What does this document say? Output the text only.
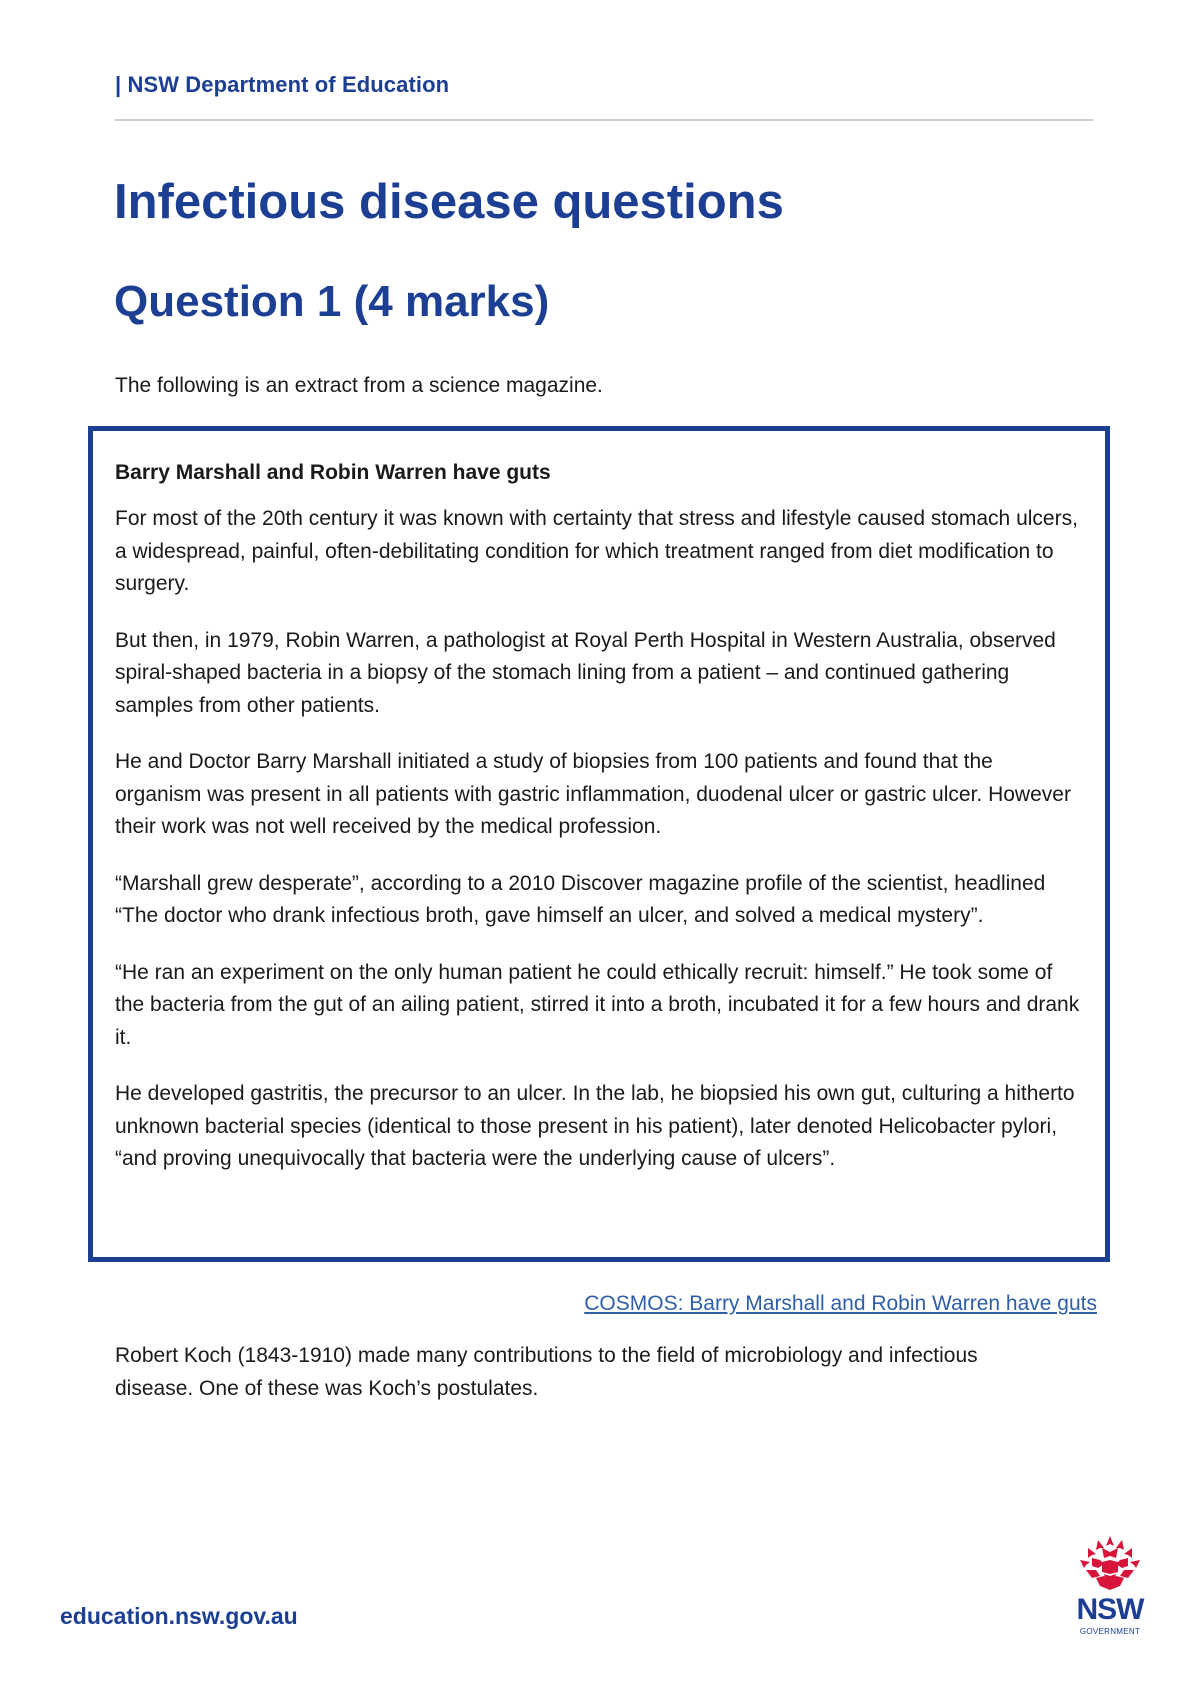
| NSW Department of Education
Infectious disease questions
Question 1 (4 marks)

The following is an extract from a science magazine.

Barry Marshall and Robin Warren have guts

For most of the 20th century it was known with certainty that stress and lifestyle caused stomach ulcers, a widespread, painful, often-debilitating condition for which treatment ranged from diet modification to surgery.

But then, in 1979, Robin Warren, a pathologist at Royal Perth Hospital in Western Australia, observed spiral-shaped bacteria in a biopsy of the stomach lining from a patient – and continued gathering samples from other patients.

He and Doctor Barry Marshall initiated a study of biopsies from 100 patients and found that the organism was present in all patients with gastric inflammation, duodenal ulcer or gastric ulcer. However their work was not well received by the medical profession.

“Marshall grew desperate”, according to a 2010 Discover magazine profile of the scientist, headlined “The doctor who drank infectious broth, gave himself an ulcer, and solved a medical mystery”.

“He ran an experiment on the only human patient he could ethically recruit: himself.” He took some of the bacteria from the gut of an ailing patient, stirred it into a broth, incubated it for a few hours and drank it.

He developed gastritis, the precursor to an ulcer. In the lab, he biopsied his own gut, culturing a hitherto unknown bacterial species (identical to those present in his patient), later denoted Helicobacter pylori, “and proving unequivocally that bacteria were the underlying cause of ulcers”.

COSMOS: Barry Marshall and Robin Warren have guts

Robert Koch (1843-1910) made many contributions to the field of microbiology and infectious disease. One of these was Koch’s postulates.

education.nsw.gov.au	NSW
GOVERNMENT
